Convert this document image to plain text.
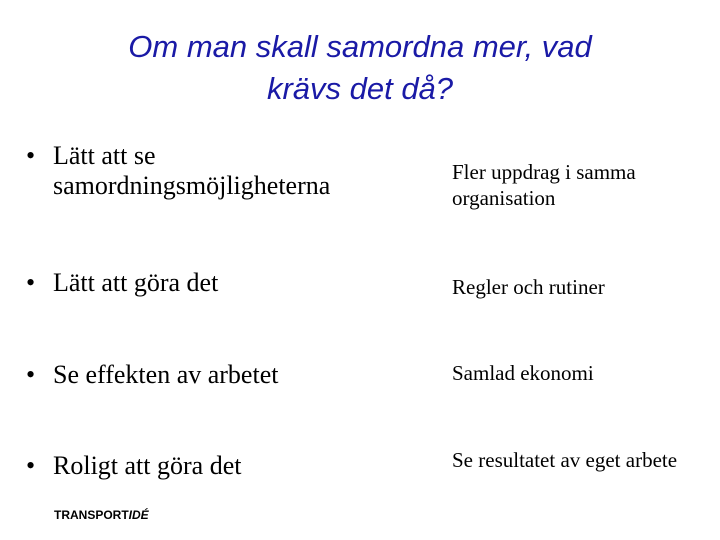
Om man skall samordna mer, vad
krävs det då?
• Lätt att se
samordningsmöjligheterna
• Lätt att göra det
• Se effekten av arbetet
• Roligt att göra det
Fler uppdrag i samma
organisation
Regler och rutiner
Samlad ekonomi
Se resultatet av eget arbete
TRANSPORTIDÉ
